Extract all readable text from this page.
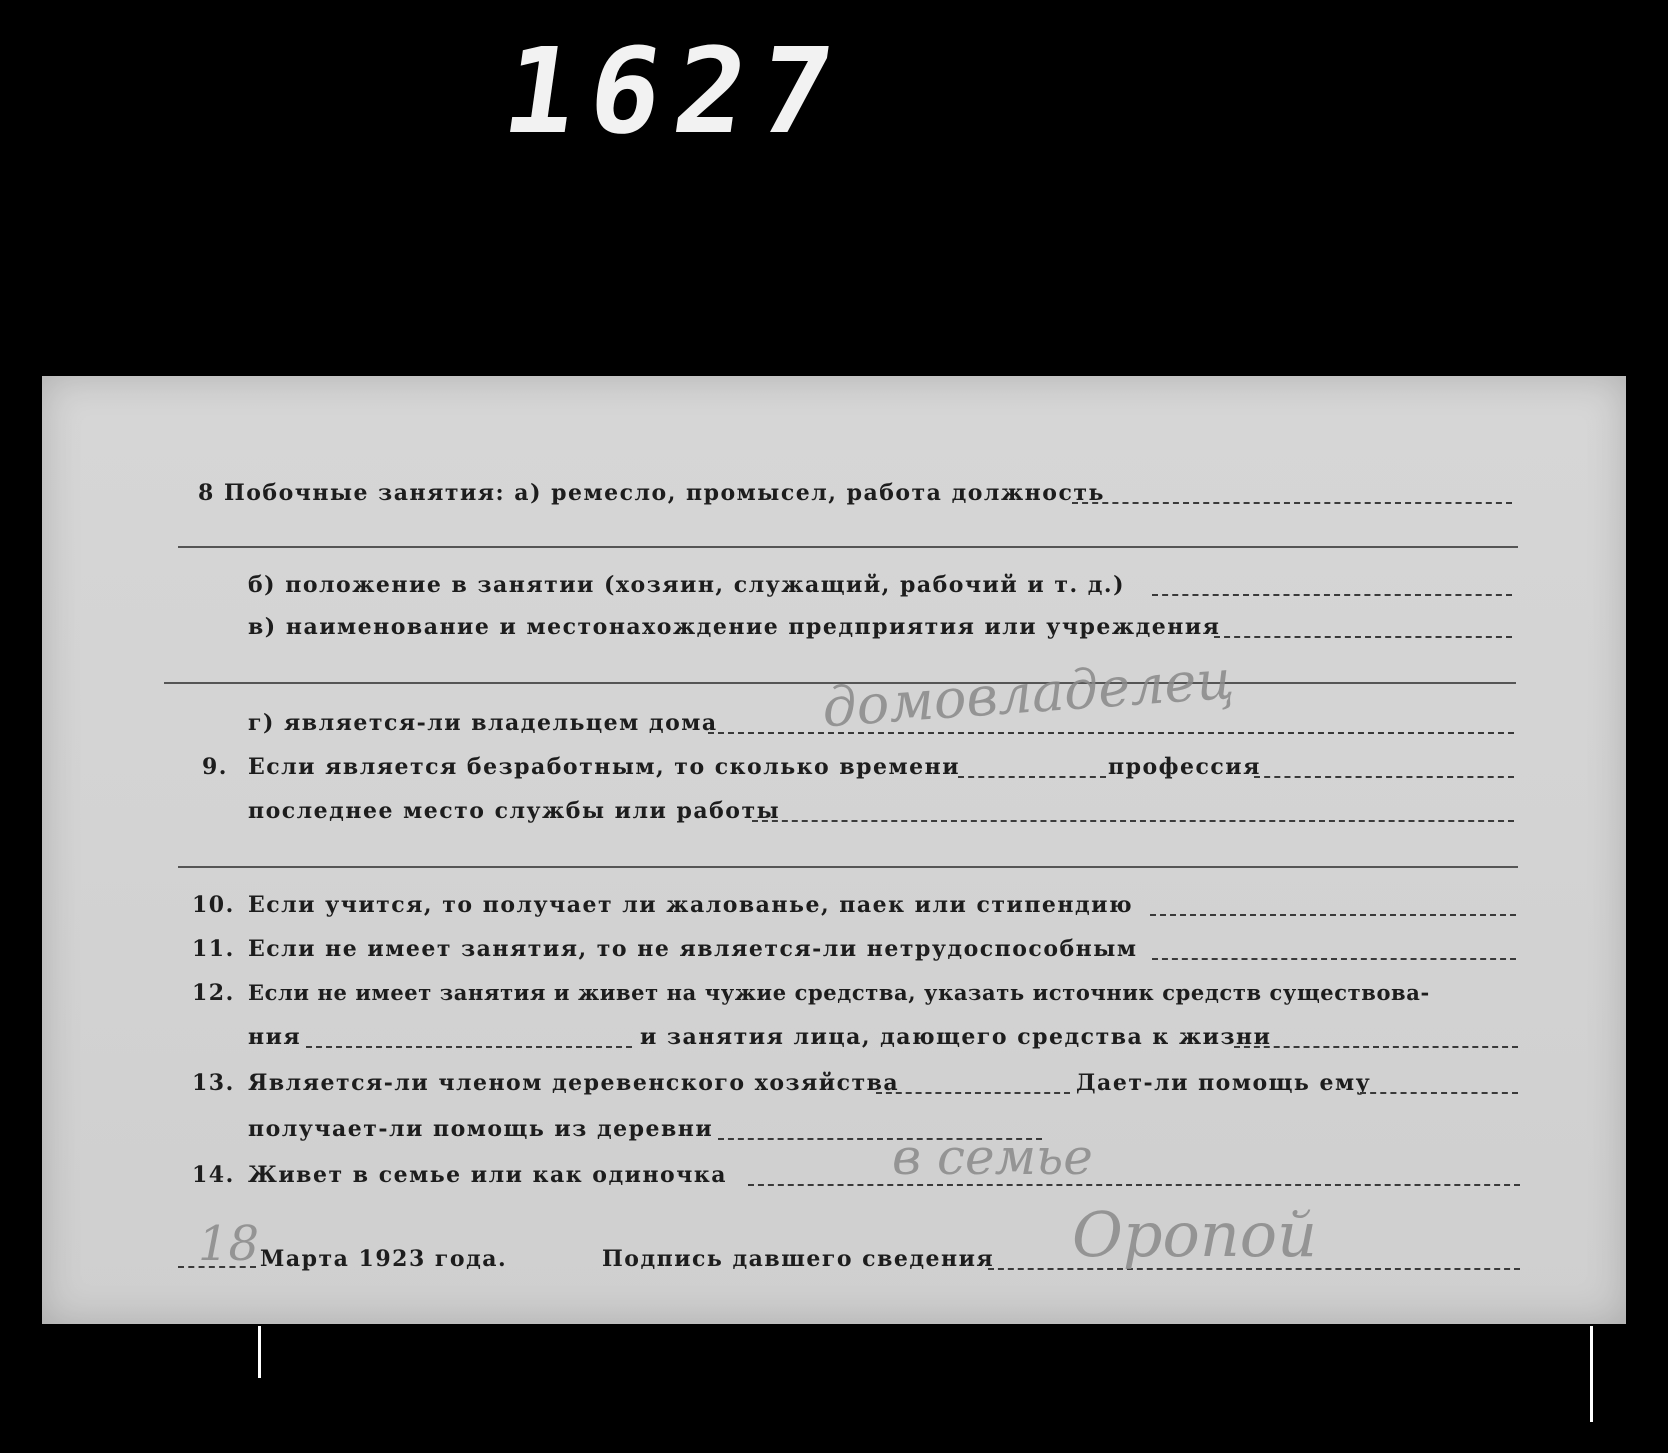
1627
8 Побочные занятия: а) ремесло, промысел, работа должность
б) положение в занятии (хозяин, служащий, рабочий и т. д.)
в) наименование и местонахождение предприятия или учреждения
г) является-ли владельцем дома домовладелец
9. Если является безработным, то сколько времени	профессия
последнее место службы или работы
10. Если учится, то получает ли жалованье, паек или стипендию
11. Если не имеет занятия, то не является-ли нетрудоспособным
12. Если не имеет занятия и живет на чужие средства, указать источник средств существова-
ния	и занятия лица, дающего средства к жизни
13. Является-ли членом деревенского хозяйства	Дает-ли помощь ему
получает-ли помощь из деревни
14. Живет в семье или как одиночка	в семье
18 Марта 1923 года.	Подпись давшего сведения Оропой
